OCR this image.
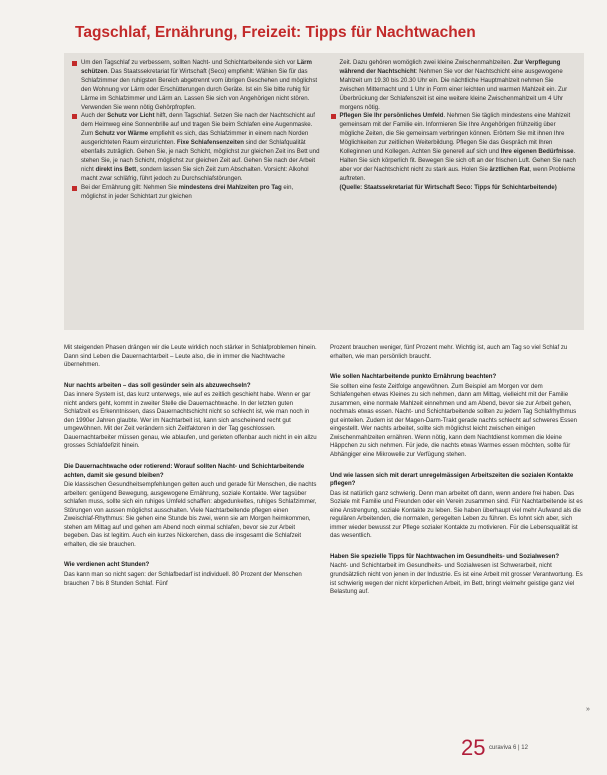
Tagschlaf, Ernährung, Freizeit: Tipps für Nachtwachen

Um den Tagschlaf zu verbessern, sollten Nacht- und Schichtarbeitende sich vor Lärm schützen. Das Staatssekretariat für Wirtschaft (Seco) empfiehlt: Wählen Sie für das Schlafzimmer den ruhigsten Bereich abgetrennt vom übrigen Geschehen und möglichst den Wohnung vor Lärm oder Erschütterungen durch Geräte. Ist ein Sie bitte ruhig für Lärme im Schlafzimmer und Lärm an. Lassen Sie sich von Angehörigen nicht stören. Verwenden Sie wenn nötig Gehörpfropfen.

Auch der Schutz vor Licht hilft, denn Tagschlaf. Setzen Sie nach der Nachtschicht auf dem Heimweg eine Sonnenbrille auf und tragen Sie beim Schlafen eine Augenmaske. Zum Schutz vor Wärme empfiehlt es sich, das Schlafzimmer in einem nach Norden ausgerichteten Raum einzurichten. Fixe Schlafensenzeiten sind der Schlafqualität ebenfalls zuträglich. Gehen Sie, je nach Schicht, möglichst zur gleichen Zeit ins Bett und stehen Sie, je nach Schicht, möglichst zur gleichen Zeit auf. Gehen Sie nach der Arbeit nicht direkt ins Bett, sondern lassen Sie sich Zeit zum Abschalten. Vorsicht: Alkohol macht zwar schläfrig, führt jedoch zu Durchschlafstörungen.

Bei der Ernährung gilt: Nehmen Sie mindestens drei Mahlzeiten pro Tag ein, möglichst in jeder Schichtart zur gleichen

Zeit. Dazu gehören womöglich zwei kleine Zwischenmahlzeiten. Zur Verpflegung während der Nachtschicht: Nehmen Sie vor der Nachtschicht eine ausgewogene Mahlzeit um 19.30 bis 20.30 Uhr ein. Die nächtliche Hauptmahlzeit nehmen Sie zwischen Mitternacht und 1 Uhr in Form einer leichten und warmen Mahlzeit ein. Zur Überbrückung der Schlafenszeit ist eine weitere kleine Zwischenmahlzeit um 4 Uhr morgens nötig.

Pflegen Sie Ihr persönliches Umfeld. Nehmen Sie täglich mindestens eine Mahlzeit gemeinsam mit der Familie ein. Informieren Sie Ihre Angehörigen frühzeitig über mögliche Zeiten, die Sie gemeinsam verbringen können. Erörtern Sie mit ihnen Ihre Möglichkeiten zur zeitlichen Weiterbildung. Pflegen Sie das Gespräch mit Ihren Kolleginnen und Kollegen. Achten Sie generell auf sich und Ihre eigenen Bedürfnisse. Halten Sie sich körperlich fit. Bewegen Sie sich oft an der frischen Luft. Gehen Sie nach aber vor der Nachtschicht nicht zu stark aus. Holen Sie ärztlichen Rat, wenn Probleme auftreten.

(Quelle: Staatssekretariat für Wirtschaft Seco: Tipps für Schichtarbeitende)

Mit steigenden Phasen drängen wir die Leute wirklich noch stärker in Schlafproblemen hinein. Dann sind Leben die Dauernachtarbeit – Leute also, die in immer die Nachtwache übernehmen.

Nur nachts arbeiten – das soll gesünder sein als abzuwechseln?

Das innere System ist, das kurz unterwegs, wie auf es zeitlich geschieht habe. Wenn er gar nicht anders geht, kommt in zweiter Stelle die Dauernachtwache. In der letzten guten Schlafzeit es Erkenntnissen, dass Dauernachtschicht nicht so schlecht ist, wie man noch in den 1990er Jahren glaubte. Wer im Nachtarbeit ist, kann sich anscheinend recht gut umgewöhnen. Mit der Zeit verändern sich Zeitfaktoren in der Tag geschlossen. Dauernachtarbeiter müssen genau, wie ablaufen, und gerieten offenbar auch nicht in ein allzu grosses Schlafdefizit hinein.

Die Dauernachtwache oder rotierend: Worauf sollten Nacht- und Schichtarbeitende achten, damit sie gesund bleiben?

Die klassischen Gesundheitsempfehlungen gelten auch und gerade für Menschen, die nachts arbeiten: genügend Bewegung, ausgewogene Ernährung, soziale Kontakte. Wer tagsüber schlafen muss, sollte sich ein ruhiges Umfeld schaffen: abgedunkeltes, ruhiges Schlafzimmer, Störungen von aussen möglichst ausschalten. Viele Nachtarbeitende pflegen einen Zweischlaf-Rhythmus: Sie gehen eine Stunde bis zwei, wenn sie am Morgen heimkommen, stehen am Mittag auf und gehen am Abend noch einmal schlafen, bevor sie zur Arbeit begeben. Das ist legitim. Auch ein kurzes Nickerchen, dass die insgesamt die Schlafzeit erhalten, die sie brauchen.

Wie verdienen acht Stunden?

Das kann man so nicht sagen: der Schlafbedarf ist individuell. 80 Prozent der Menschen brauchen 7 bis 8 Stunden Schlaf. Fünf

Prozent brauchen weniger, fünf Prozent mehr. Wichtig ist, auch am Tag so viel Schlaf zu erhalten, wie man persönlich braucht.

Wie sollen Nachtarbeitende punkto Ernährung beachten?

Sie sollten eine feste Zeitfolge angewöhnen. Zum Beispiel am Morgen vor dem Schlafengehen etwas Kleines zu sich nehmen, dann am Mittag, vielleicht mit der Familie zusammen, eine normale Mahlzeit einnehmen und am Abend, bevor sie zur Arbeit gehen, nochmals etwas essen. Nacht- und Schichtarbeitende sollten zu jedem Tag Schlafrhythmus gut einteilen. Zudem ist der Magen-Darm-Trakt gerade nachts schlecht auf schweres Essen eingestellt. Wer nachts arbeitet, sollte sich möglichst leicht zwischen einigen Zwischenmahlzeiten ernähren. Wenn nötig, kann dem Nachtdienst kommen die kleine Häppchen zu sich nehmen. Für jede, die nachts etwas Warmes essen möchten, sollte für Abhängiger eine Mikrowelle zur Verfügung stehen.

Und wie lassen sich mit derart unregelmässigen Arbeitszeiten die sozialen Kontakte pflegen?

Das ist natürlich ganz schwierig. Denn man arbeitet oft dann, wenn andere frei haben. Das Soziale mit Familie und Freunden oder ein Verein zusammen sind. Für Nachtarbeitende ist es eine Anstrengung, soziale Kontakte zu leben. Sie haben überhaupt viel mehr Aufwand als die regulären Arbeitenden, die normalen, geregelten Leben zu führen. Es lohnt sich aber, sich immer wieder bewusst zur Pflege sozialer Kontakte zu motivieren. Für die Lebensqualität ist das wesentlich.

Haben Sie spezielle Tipps für Nachtwachen im Gesundheits- und Sozialwesen?

Nacht- und Schichtarbeit im Gesundheits- und Sozialwesen ist Schwerarbeit, nicht grundsätzlich nicht von jenen in der Industrie. Es ist eine Arbeit mit grosser Verantwortung. Es ist schwierig wegen der nicht körperlichen Arbeit, im Bett, bringt vielmehr geistige ganz viel Belastung auf.

»
25 curaviva 6 | 12
